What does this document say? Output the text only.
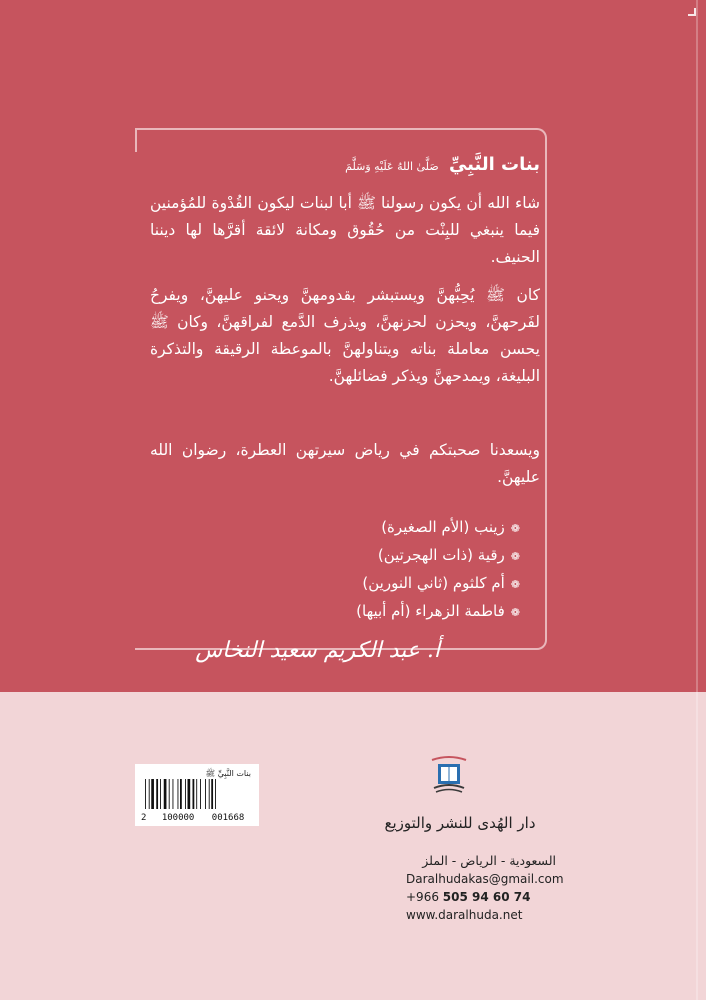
بنات النَّبِيِّ صَلَّىٰ اللهُ عَلَيْهِ وَسَلَّمَ
شاء الله أن يكون رسولنا ﷺ أبا لبنات ليكون القُدْوة للمُؤمنين فيما ينبغي للبِنْت من حُقُوق ومكانة لائقة أقرَّها لها ديننا الحنيف.
كان ﷺ يُحِبُّهنَّ ويستبشر بقدومهنَّ ويحنو عليهنَّ، ويفرحُ لفَرحهنَّ، ويحزن لحزنهنَّ، ويذرف الدَّمع لفراقهنَّ، وكان ﷺ يحسن معاملة بناته ويتناولهنَّ بالموعظة الرقيقة والتذكرة البليغة، ويمدحهنَّ ويذكر فضائلهنَّ.
ويسعدنا صحبتكم في رياض سيرتهن العطرة، رضوان الله عليهنَّ.
❁زينب (الأم الصغيرة)
❁رقية (ذات الهجرتين)
❁أم كلثوم (ثاني النورين)
❁فاطمة الزهراء (أم أبيها)
أ. عبد الكريم سعيد النخاس
دار الهُدى للنشر والتوزيع
السعودية - الرياض - الملز
Daralhudakas@gmail.com
+966 505 94 60 74
www.daralhuda.net
بنات النَّبِيِّ ﷺ
2 100000 001668
